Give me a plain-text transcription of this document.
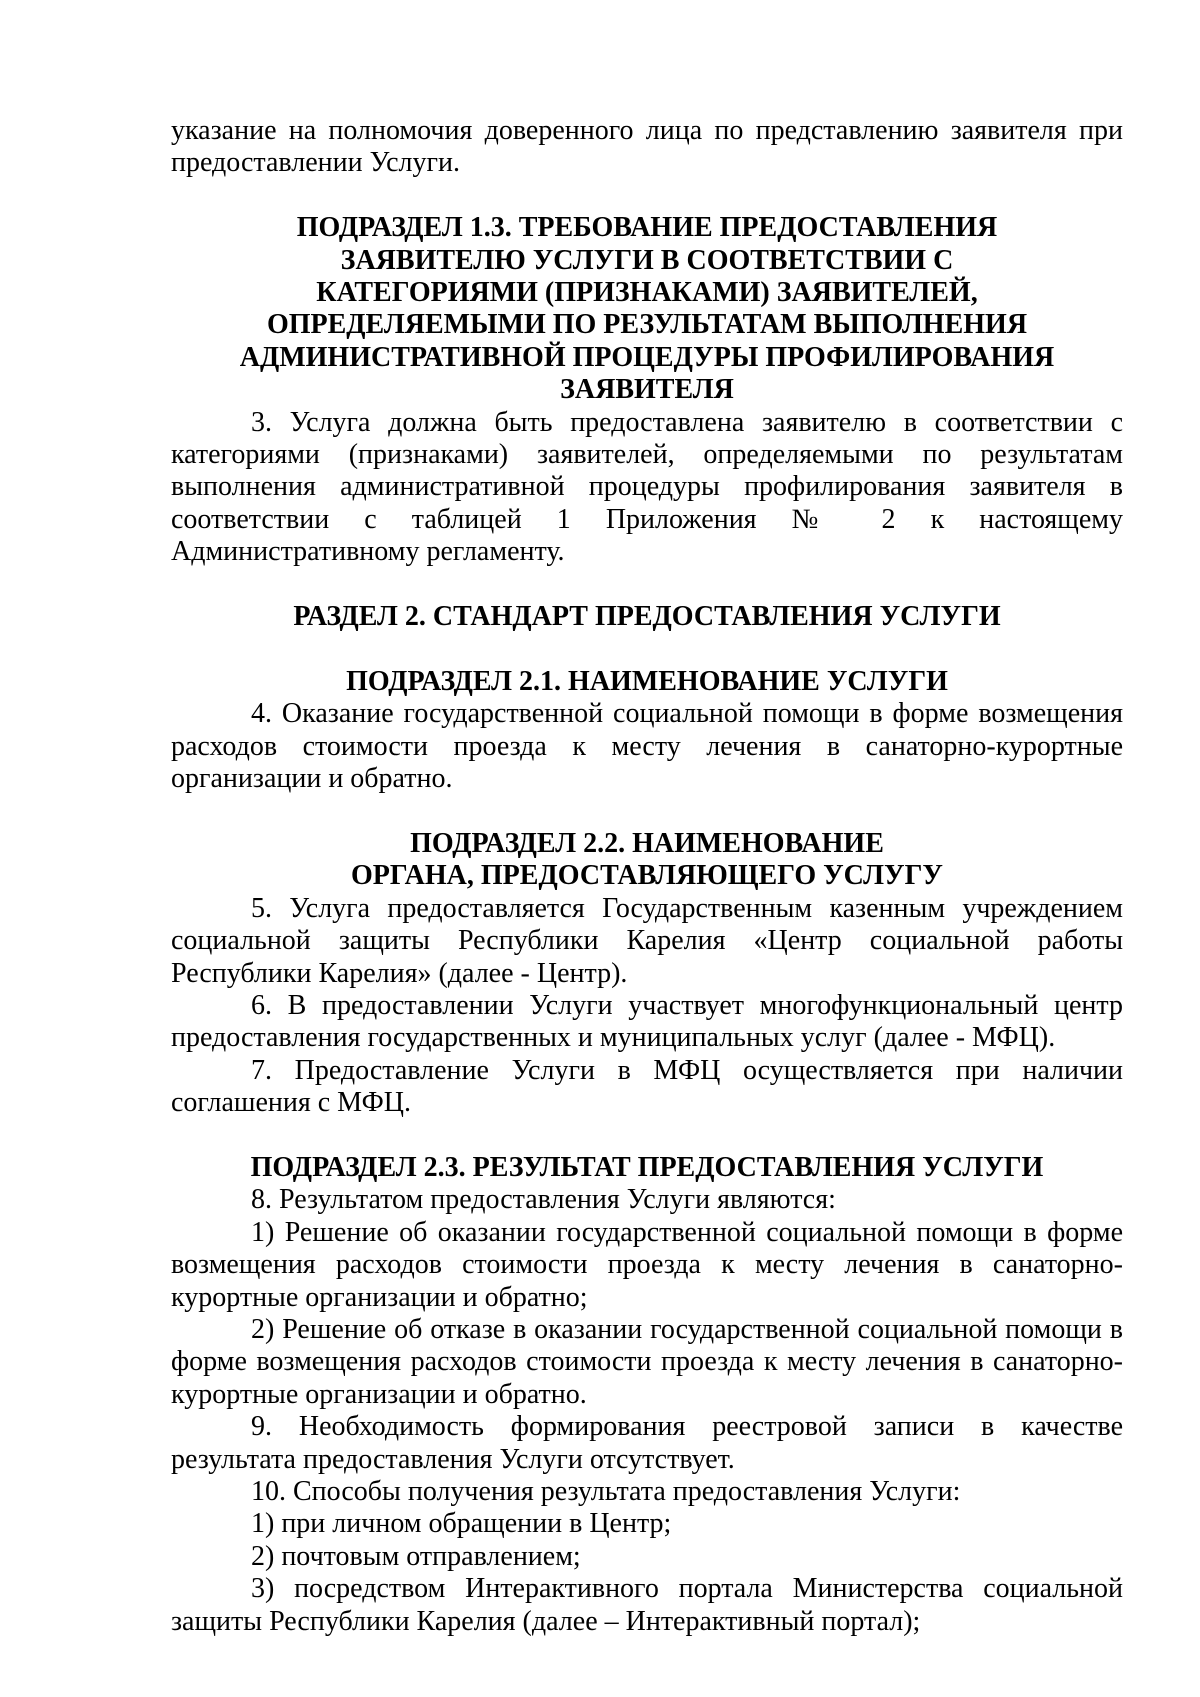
указание на полномочия доверенного лица по представлению заявителя при предоставлении Услуги.

ПОДРАЗДЕЛ 1.3. ТРЕБОВАНИЕ ПРЕДОСТАВЛЕНИЯ ЗАЯВИТЕЛЮ УСЛУГИ В СООТВЕТСТВИИ С КАТЕГОРИЯМИ (ПРИЗНАКАМИ) ЗАЯВИТЕЛЕЙ, ОПРЕДЕЛЯЕМЫМИ ПО РЕЗУЛЬТАТАМ ВЫПОЛНЕНИЯ АДМИНИСТРАТИВНОЙ ПРОЦЕДУРЫ ПРОФИЛИРОВАНИЯ ЗАЯВИТЕЛЯ

3. Услуга должна быть предоставлена заявителю в соответствии с категориями (признаками) заявителей, определяемыми по результатам выполнения административной процедуры профилирования заявителя в соответствии с таблицей 1 Приложения № 2 к настоящему Административному регламенту.

РАЗДЕЛ 2. СТАНДАРТ ПРЕДОСТАВЛЕНИЯ УСЛУГИ
ПОДРАЗДЕЛ 2.1. НАИМЕНОВАНИЕ УСЛУГИ

4. Оказание государственной социальной помощи в форме возмещения расходов стоимости проезда к месту лечения в санаторно-курортные организации и обратно.

ПОДРАЗДЕЛ 2.2. НАИМЕНОВАНИЕ ОРГАНА, ПРЕДОСТАВЛЯЮЩЕГО УСЛУГУ

5. Услуга предоставляется Государственным казенным учреждением социальной защиты Республики Карелия «Центр социальной работы Республики Карелия» (далее - Центр).

6. В предоставлении Услуги участвует многофункциональный центр предоставления государственных и муниципальных услуг (далее - МФЦ).

7. Предоставление Услуги в МФЦ осуществляется при наличии соглашения с МФЦ.

ПОДРАЗДЕЛ 2.3. РЕЗУЛЬТАТ ПРЕДОСТАВЛЕНИЯ УСЛУГИ

8. Результатом предоставления Услуги являются:

1) Решение об оказании государственной социальной помощи в форме возмещения расходов стоимости проезда к месту лечения в санаторно-курортные организации и обратно;

2) Решение об отказе в оказании государственной социальной помощи в форме возмещения расходов стоимости проезда к месту лечения в санаторно-курортные организации и обратно.

9. Необходимость формирования реестровой записи в качестве результата предоставления Услуги отсутствует.

10. Способы получения результата предоставления Услуги:

1) при личном обращении в Центр;

2) почтовым отправлением;

3) посредством Интерактивного портала Министерства социальной защиты Республики Карелия (далее – Интерактивный портал);
